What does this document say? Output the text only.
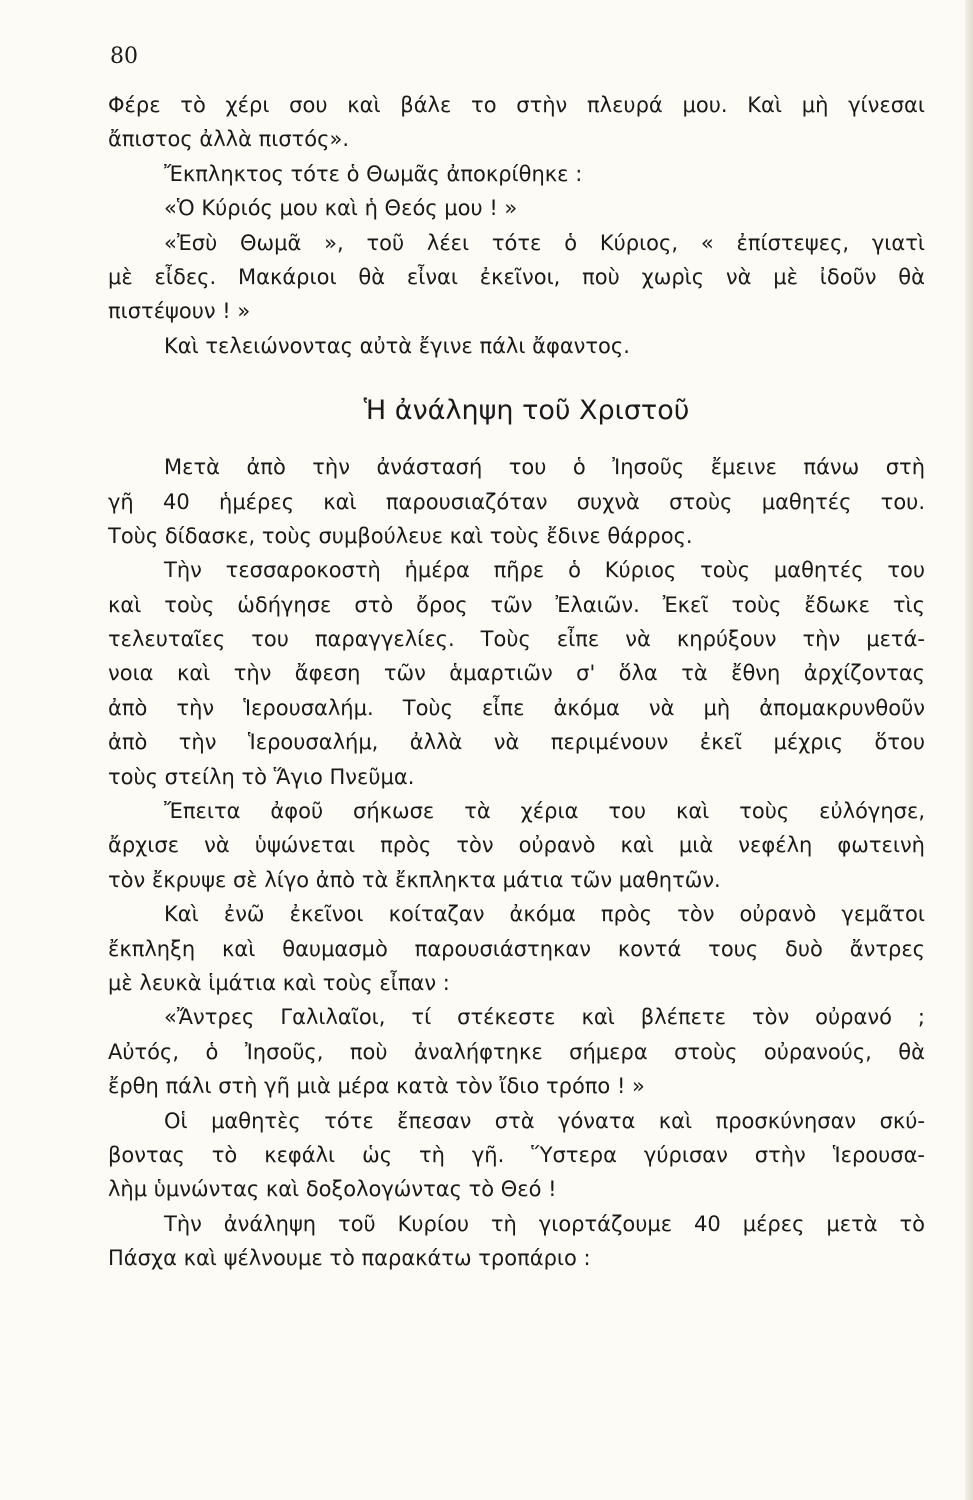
80
Φέρε τὸ χέρι σου καὶ βάλε το στὴν πλευρά μου. Καὶ μὴ γίνεσαι
ἄπιστος ἀλλὰ πιστός».
Ἔκπληκτος τότε ὁ Θωμᾶς ἀποκρίθηκε :
«Ὁ Κύριός μου καὶ ἡ Θεός μου ! »
«Ἐσὺ Θωμᾶ », τοῦ λέει τότε ὁ Κύριος, « ἐπίστεψες, γιατὶ
μὲ εἶδες. Μακάριοι θὰ εἶναι ἐκεῖνοι, ποὺ χωρὶς νὰ μὲ ἰδοῦν θὰ
πιστέψουν ! »
Καὶ τελειώνοντας αὐτὰ ἔγινε πάλι ἄφαντος.
Ἡ ἀνάληψη τοῦ Χριστοῦ
Μετὰ ἀπὸ τὴν ἀνάστασή του ὁ Ἰησοῦς ἔμεινε πάνω στὴ
γῆ 40 ἡμέρες καὶ παρουσιαζόταν συχνὰ στοὺς μαθητές του.
Τοὺς δίδασκε, τοὺς συμβούλευε καὶ τοὺς ἔδινε θάρρος.
Τὴν τεσσαροκοστὴ ἡμέρα πῆρε ὁ Κύριος τοὺς μαθητές του
καὶ τοὺς ὡδήγησε στὸ ὄρος τῶν Ἐλαιῶν. Ἐκεῖ τοὺς ἔδωκε τὶς
τελευταῖες του παραγγελίες. Τοὺς εἶπε νὰ κηρύξουν τὴν μετά-
νοια καὶ τὴν ἄφεση τῶν ἁμαρτιῶν σ' ὅλα τὰ ἔθνη ἀρχίζοντας
ἀπὸ τὴν Ἱερουσαλήμ. Τοὺς εἶπε ἀκόμα νὰ μὴ ἀπομακρυνθοῦν
ἀπὸ τὴν Ἱερουσαλήμ, ἀλλὰ νὰ περιμένουν ἐκεῖ μέχρις ὅτου
τοὺς στείλη τὸ Ἅγιο Πνεῦμα.
Ἔπειτα ἀφοῦ σήκωσε τὰ χέρια του καὶ τοὺς εὐλόγησε,
ἄρχισε νὰ ὑψώνεται πρὸς τὸν οὐρανὸ καὶ μιὰ νεφέλη φωτεινὴ
τὸν ἔκρυψε σὲ λίγο ἀπὸ τὰ ἔκπληκτα μάτια τῶν μαθητῶν.
Καὶ ἐνῶ ἐκεῖνοι κοίταζαν ἀκόμα πρὸς τὸν οὐρανὸ γεμᾶτοι
ἔκπληξη καὶ θαυμασμὸ παρουσιάστηκαν κοντά τους δυὸ ἄντρες
μὲ λευκὰ ἱμάτια καὶ τοὺς εἶπαν :
«Ἄντρες Γαλιλαῖοι, τί στέκεστε καὶ βλέπετε τὸν οὐρανό ;
Αὐτός, ὁ Ἰησοῦς, ποὺ ἀναλήφτηκε σήμερα στοὺς οὐρανούς, θὰ
ἔρθη πάλι στὴ γῆ μιὰ μέρα κατὰ τὸν ἴδιο τρόπο ! »
Οἱ μαθητὲς τότε ἔπεσαν στὰ γόνατα καὶ προσκύνησαν σκύ-
βοντας τὸ κεφάλι ὡς τὴ γῆ. Ὕστερα γύρισαν στὴν Ἱερουσα-
λὴμ ὑμνώντας καὶ δοξολογώντας τὸ Θεό !
Τὴν ἀνάληψη τοῦ Κυρίου τὴ γιορτάζουμε 40 μέρες μετὰ τὸ
Πάσχα καὶ ψέλνουμε τὸ παρακάτω τροπάριο :
